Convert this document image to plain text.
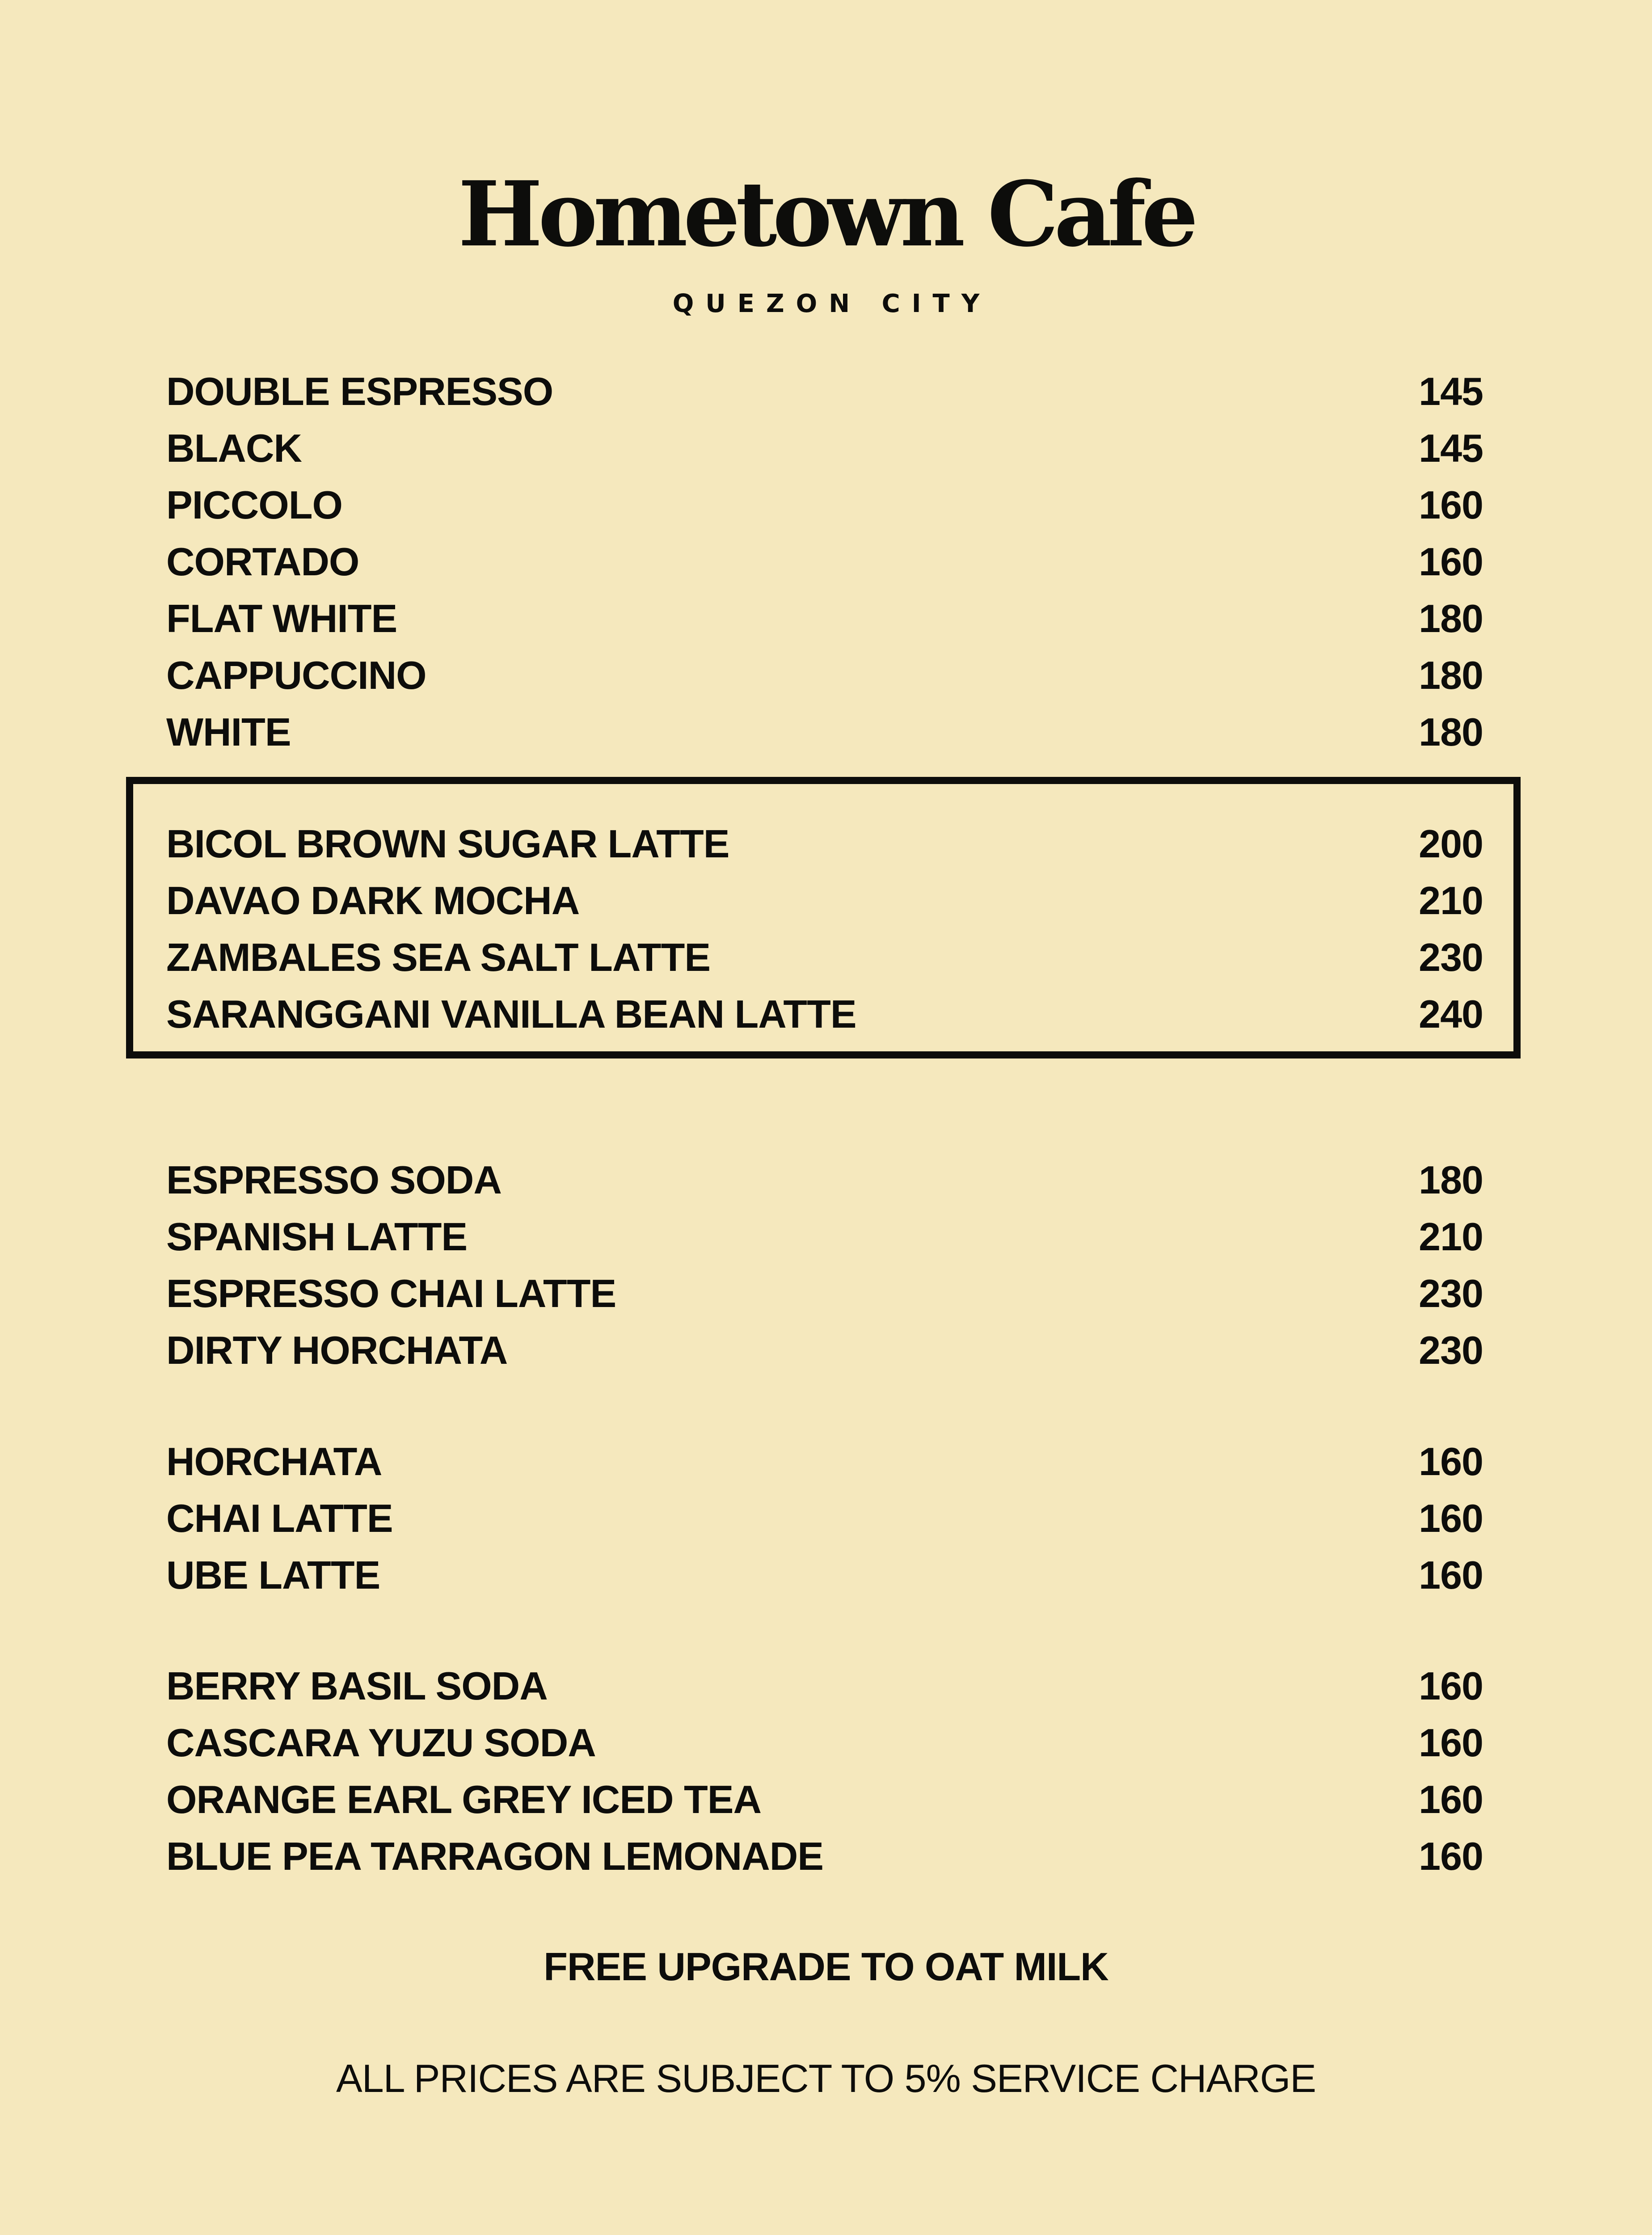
Hometown Cafe
QUEZON CITY
DOUBLE ESPRESSO	145
BLACK	145
PICCOLO	160
CORTADO	160
FLAT WHITE	180
CAPPUCCINO	180
WHITE	180
BICOL BROWN SUGAR LATTE	200
DAVAO DARK MOCHA	210
ZAMBALES SEA SALT LATTE	230
SARANGGANI VANILLA BEAN LATTE	240
ESPRESSO SODA	180
SPANISH LATTE	210
ESPRESSO CHAI LATTE	230
DIRTY HORCHATA	230
HORCHATA	160
CHAI LATTE	160
UBE LATTE	160
BERRY BASIL SODA	160
CASCARA YUZU SODA	160
ORANGE EARL GREY ICED TEA	160
BLUE PEA TARRAGON LEMONADE	160
FREE UPGRADE TO OAT MILK
ALL PRICES ARE SUBJECT TO 5% SERVICE CHARGE
